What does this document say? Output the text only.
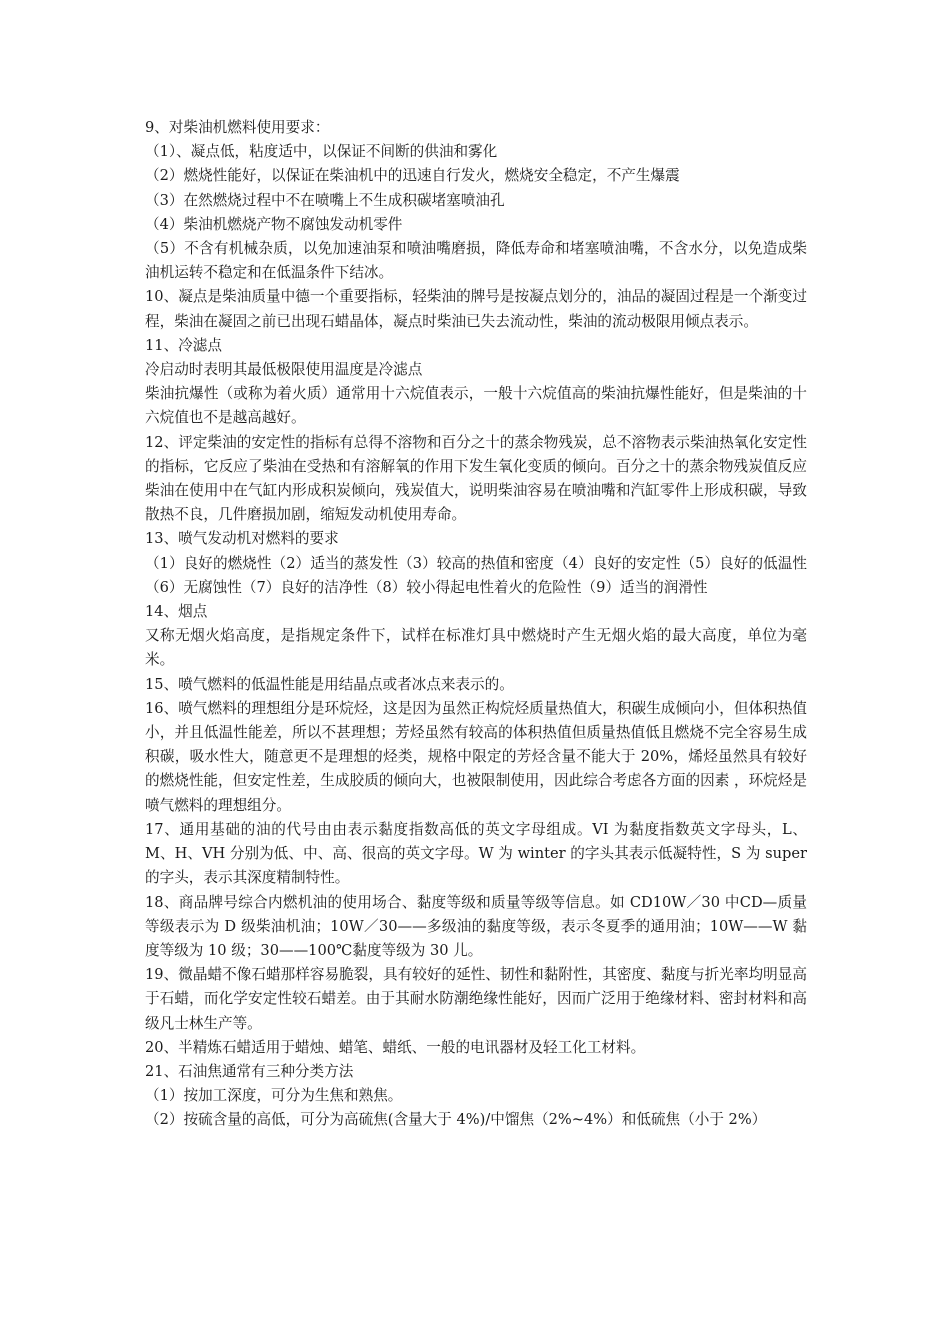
9、对柴油机燃料使用要求：

（1）、凝点低，粘度适中，以保证不间断的供油和雾化

（2）燃烧性能好，以保证在柴油机中的迅速自行发火，燃烧安全稳定，不产生爆震

（3）在然燃烧过程中不在喷嘴上不生成积碳堵塞喷油孔

（4）柴油机燃烧产物不腐蚀发动机零件

（5）不含有机械杂质，以免加速油泵和喷油嘴磨损，降低寿命和堵塞喷油嘴，不含水分，以免造成柴油机运转不稳定和在低温条件下结冰。

10、凝点是柴油质量中德一个重要指标，轻柴油的牌号是按凝点划分的，油品的凝固过程是一个渐变过程，柴油在凝固之前已出现石蜡晶体，凝点时柴油已失去流动性，柴油的流动极限用倾点表示。

11、冷滤点

冷启动时表明其最低极限使用温度是冷滤点

柴油抗爆性（或称为着火质）通常用十六烷值表示，一般十六烷值高的柴油抗爆性能好，但是柴油的十六烷值也不是越高越好。

12、评定柴油的安定性的指标有总得不溶物和百分之十的蒸余物残炭，总不溶物表示柴油热氧化安定性的指标，它反应了柴油在受热和有溶解氧的作用下发生氧化变质的倾向。百分之十的蒸余物残炭值反应柴油在使用中在气缸内形成积炭倾向，残炭值大，说明柴油容易在喷油嘴和汽缸零件上形成积碳，导致散热不良，几件磨损加剧，缩短发动机使用寿命。

13、喷气发动机对燃料的要求

（1）良好的燃烧性（2）适当的蒸发性（3）较高的热值和密度（4）良好的安定性（5）良好的低温性（6）无腐蚀性（7）良好的洁净性（8）较小得起电性着火的危险性（9）适当的润滑性

14、烟点

又称无烟火焰高度，是指规定条件下，试样在标准灯具中燃烧时产生无烟火焰的最大高度，单位为毫米。

15、喷气燃料的低温性能是用结晶点或者冰点来表示的。

16、喷气燃料的理想组分是环烷烃，这是因为虽然正构烷烃质量热值大，积碳生成倾向小，但体积热值小，并且低温性能差，所以不甚理想；芳烃虽然有较高的体积热值但质量热值低且燃烧不完全容易生成积碳，吸水性大，随意更不是理想的烃类，规格中限定的芳烃含量不能大于 20%，烯烃虽然具有较好的燃烧性能，但安定性差，生成胶质的倾向大，也被限制使用，因此综合考虑各方面的因素 ，环烷烃是喷气燃料的理想组分。

17、通用基础的油的代号由由表示黏度指数高低的英文字母组成。VI 为黏度指数英文字母头，L、M、H、VH 分别为低、中、高、很高的英文字母。W 为 winter 的字头其表示低凝特性，S 为 super 的字头，表示其深度精制特性。

18、商品牌号综合内燃机油的使用场合、黏度等级和质量等级等信息。如 CD10W／30 中CD—质量等级表示为 D 级柴油机油；10W／30——多级油的黏度等级，表示冬夏季的通用油；10W——W 黏度等级为 10 级；30——100℃黏度等级为 30 儿。

19、微晶蜡不像石蜡那样容易脆裂，具有较好的延性、韧性和黏附性，其密度、黏度与折光率均明显高于石蜡，而化学安定性较石蜡差。由于其耐水防潮绝缘性能好，因而广泛用于绝缘材料、密封材料和高级凡士林生产等。

20、半精炼石蜡适用于蜡烛、蜡笔、蜡纸、一般的电讯器材及轻工化工材料。

21、石油焦通常有三种分类方法

（1）按加工深度，可分为生焦和熟焦。

（2）按硫含量的高低，可分为高硫焦(含量大于 4%)/中馏焦（2%~4%）和低硫焦（小于 2%）
